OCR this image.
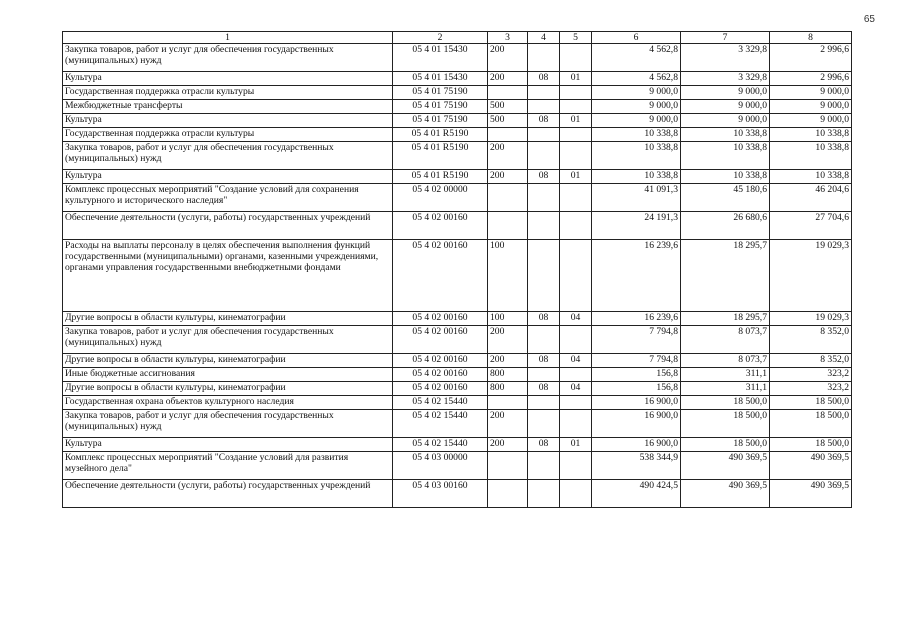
65
1	2	3	4	5	6	7	8
Закупка товаров, работ и услуг для обеспечения государственных (муниципальных) нужд	05 4 01 15430	200			4 562,8	3 329,8	2 996,6
Культура	05 4 01 15430	200	08	01	4 562,8	3 329,8	2 996,6
Государственная поддержка отрасли культуры	05 4 01 75190				9 000,0	9 000,0	9 000,0
Межбюджетные трансферты	05 4 01 75190	500			9 000,0	9 000,0	9 000,0
Культура	05 4 01 75190	500	08	01	9 000,0	9 000,0	9 000,0
Государственная поддержка отрасли культуры	05 4 01 R5190				10 338,8	10 338,8	10 338,8
Закупка товаров, работ и услуг для обеспечения государственных (муниципальных) нужд	05 4 01 R5190	200			10 338,8	10 338,8	10 338,8
Культура	05 4 01 R5190	200	08	01	10 338,8	10 338,8	10 338,8
Комплекс процессных мероприятий "Создание условий для сохранения культурного и исторического наследия"	05 4 02 00000				41 091,3	45 180,6	46 204,6
Обеспечение деятельности (услуги, работы) государственных учреждений	05 4 02 00160				24 191,3	26 680,6	27 704,6
Расходы на выплаты персоналу в целях обеспечения выполнения функций государственными (муниципальными) органами, казенными учреждениями, органами управления государственными внебюджетными фондами	05 4 02 00160	100			16 239,6	18 295,7	19 029,3
Другие вопросы в области культуры, кинематографии	05 4 02 00160	100	08	04	16 239,6	18 295,7	19 029,3
Закупка товаров, работ и услуг для обеспечения государственных (муниципальных) нужд	05 4 02 00160	200			7 794,8	8 073,7	8 352,0
Другие вопросы в области культуры, кинематографии	05 4 02 00160	200	08	04	7 794,8	8 073,7	8 352,0
Иные бюджетные ассигнования	05 4 02 00160	800			156,8	311,1	323,2
Другие вопросы в области культуры, кинематографии	05 4 02 00160	800	08	04	156,8	311,1	323,2
Государственная охрана объектов культурного наследия	05 4 02 15440				16 900,0	18 500,0	18 500,0
Закупка товаров, работ и услуг для обеспечения государственных (муниципальных) нужд	05 4 02 15440	200			16 900,0	18 500,0	18 500,0
Культура	05 4 02 15440	200	08	01	16 900,0	18 500,0	18 500,0
Комплекс процессных мероприятий "Создание условий для развития музейного дела"	05 4 03 00000				538 344,9	490 369,5	490 369,5
Обеспечение деятельности (услуги, работы) государственных учреждений	05 4 03 00160				490 424,5	490 369,5	490 369,5
